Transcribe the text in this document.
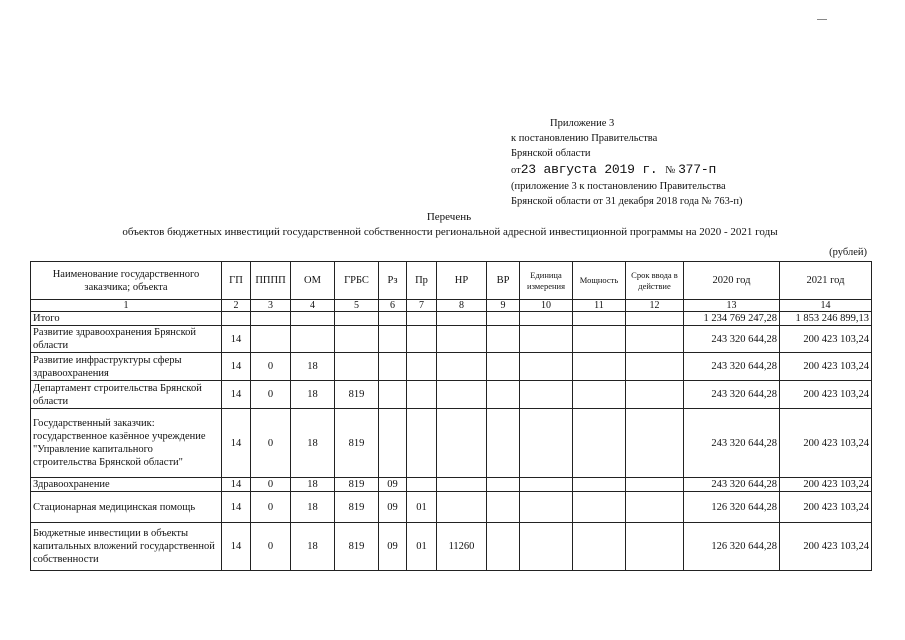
Приложение 3
к постановлению Правительства
Брянской области
от23 августа 2019 г. № 377-п
(приложение 3 к постановлению Правительства
Брянской области от 31 декабря 2018 года № 763-п)
Перечень
объектов бюджетных инвестиций государственной собственности региональной адресной инвестиционной программы на 2020 - 2021 годы
(рублей)
Наименование государственного заказчика; объекта	ГП	ПППП	ОМ	ГРБС	Рз	Пр	НР	ВР	Единица измерения	Мощность	Срок ввода в действие	2020 год	2021 год
1	2	3	4	5	6	7	8	9	10	11	12	13	14
Итого												1 234 769 247,28	1 853 246 899,13
Развитие здравоохранения Брянской области	14											243 320 644,28	200 423 103,24
Развитие инфраструктуры сферы здравоохранения	14	0	18									243 320 644,28	200 423 103,24
Департамент строительства Брянской области	14	0	18	819								243 320 644,28	200 423 103,24
Государственный заказчик: государственное казённое учреждение "Управление капитального строительства Брянской области"	14	0	18	819								243 320 644,28	200 423 103,24
Здравоохранение	14	0	18	819	09							243 320 644,28	200 423 103,24
Стационарная медицинская помощь	14	0	18	819	09	01						126 320 644,28	200 423 103,24
Бюджетные инвестиции в объекты капитальных вложений государственной собственности	14	0	18	819	09	01	11260					126 320 644,28	200 423 103,24
